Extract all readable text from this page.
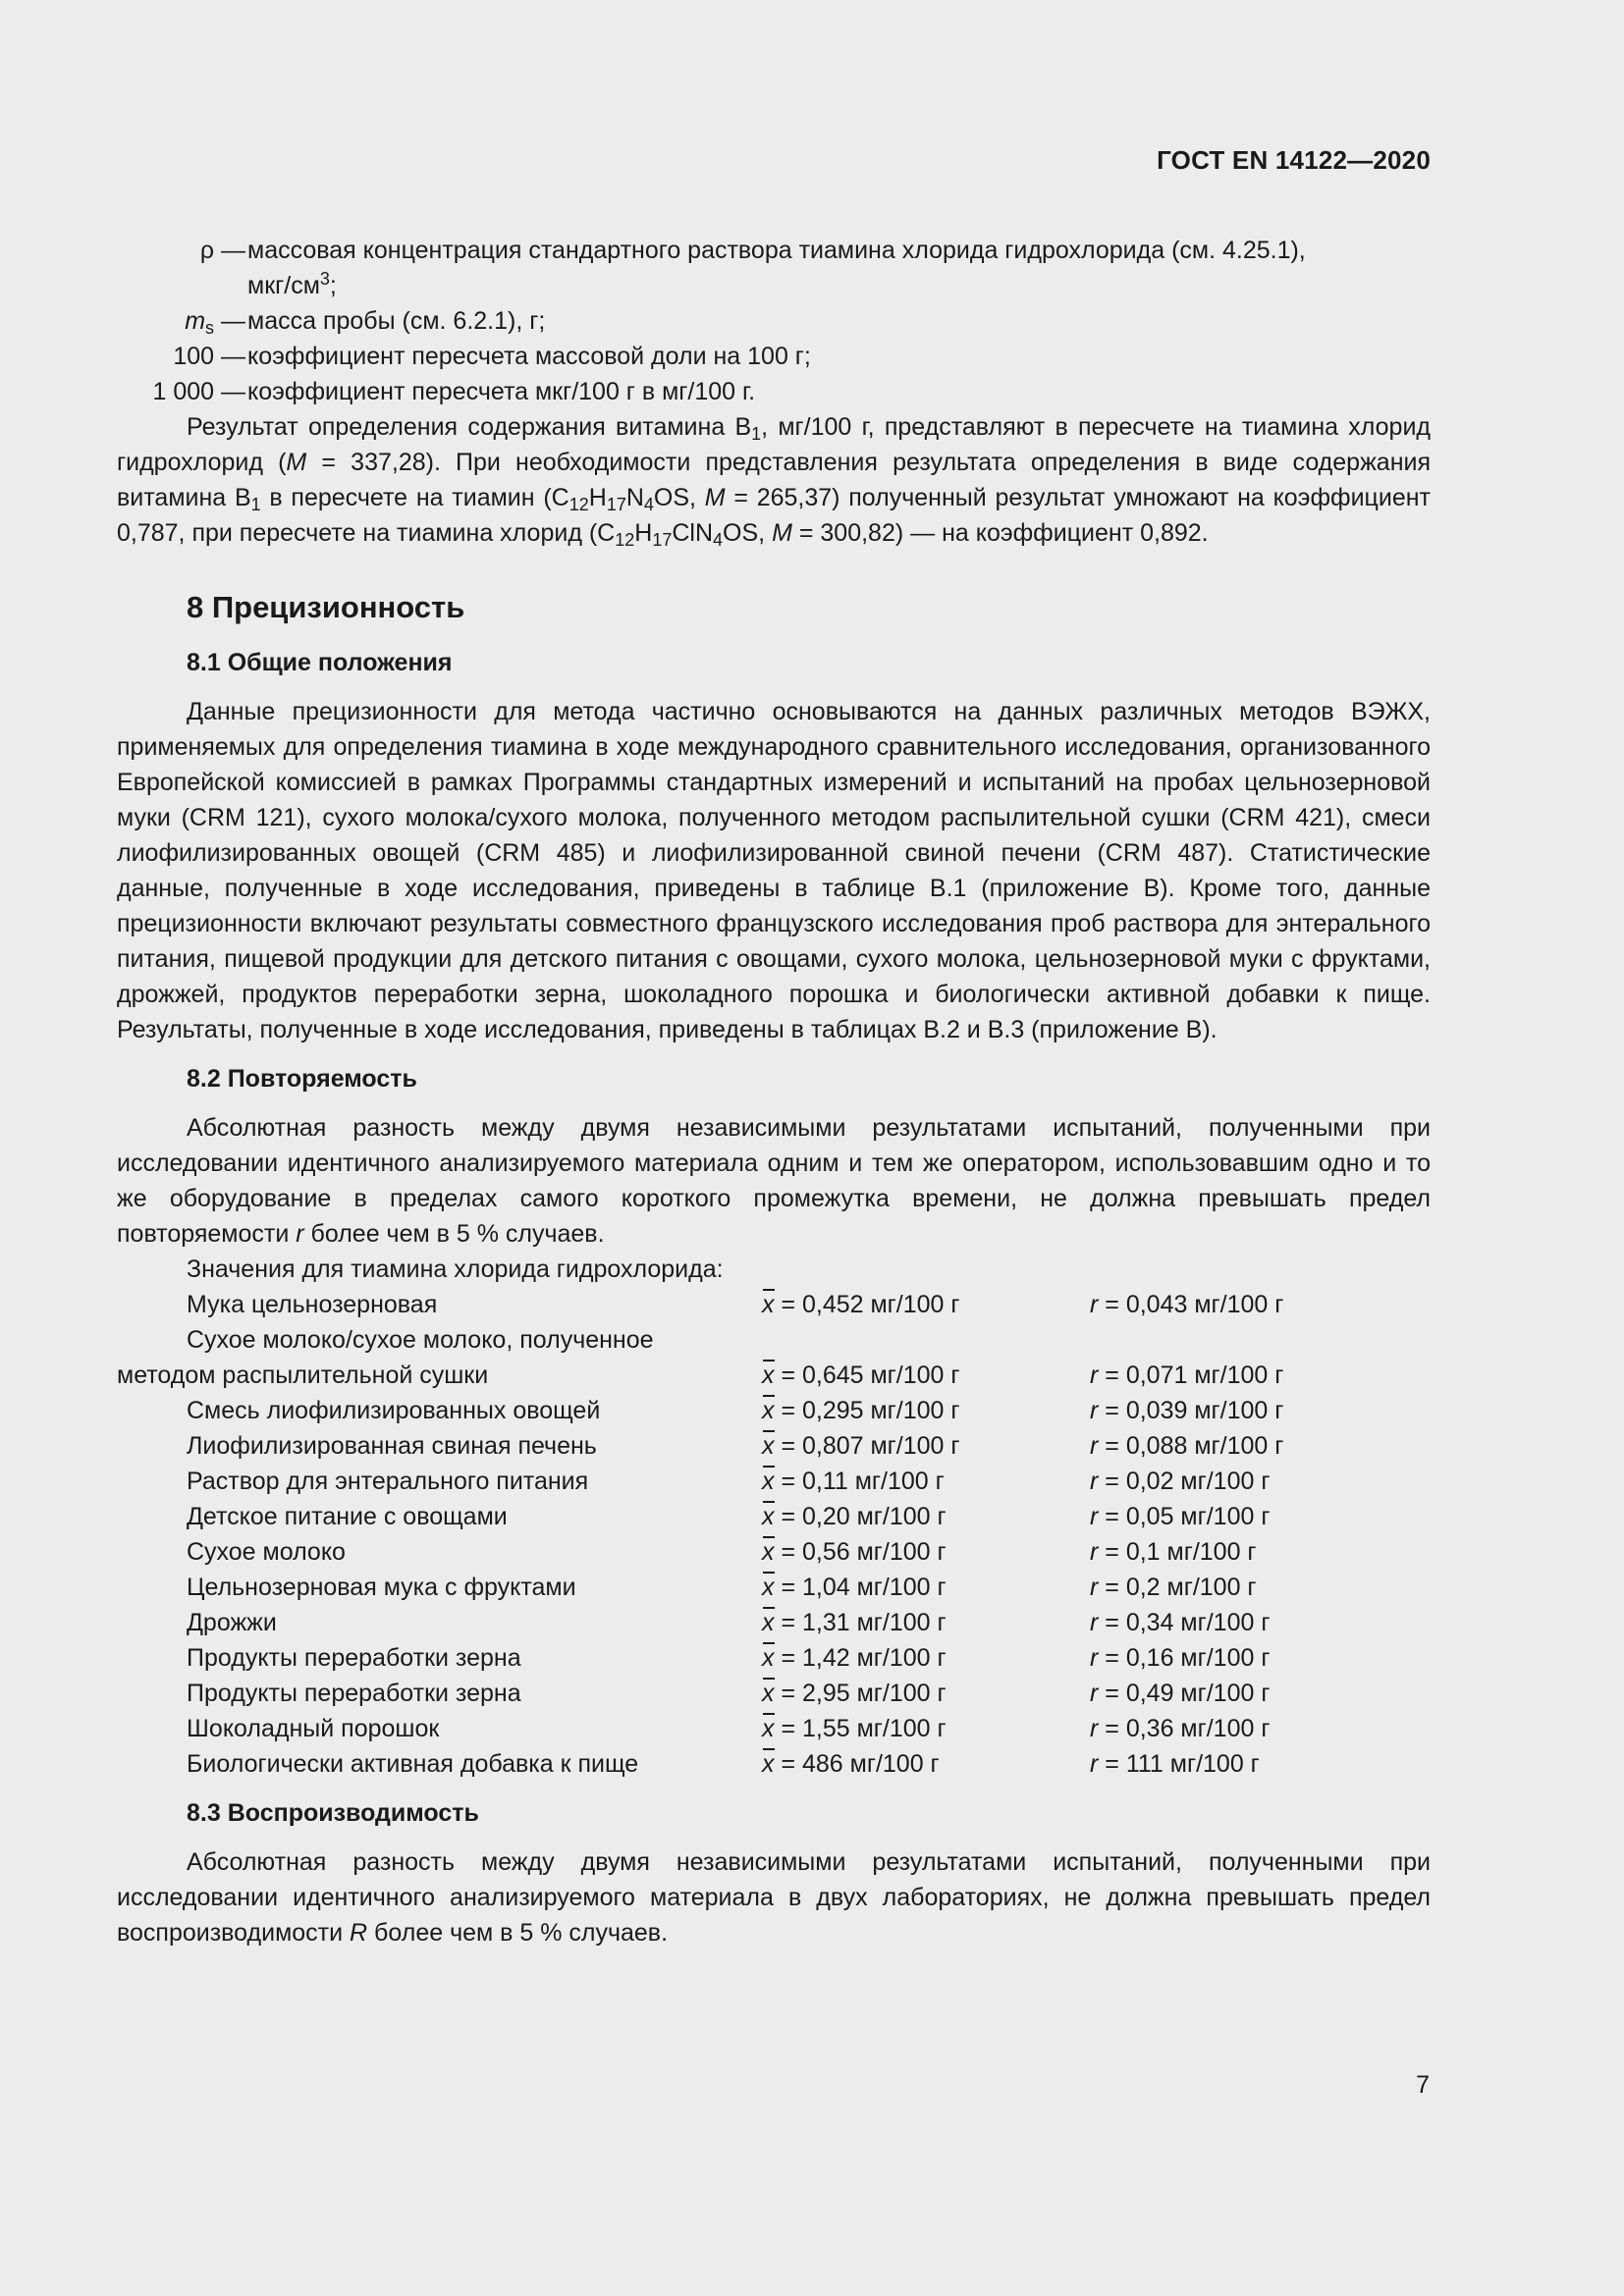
ГОСТ EN 14122—2020
ρ — массовая концентрация стандартного раствора тиамина хлорида гидрохлорида (см. 4.25.1),
мкг/$см^3$;
$m_s$ — масса пробы (см. 6.2.1), г;
100 — коэффициент пересчета массовой доли на 100 г;
1 000 — коэффициент пересчета мкг/100 г в мг/100 г.

Результат определения содержания витамина $В_1$, мг/100 г, представляют в пересчете на тиамина хлорид гидрохлорид (M = 337,28). При необходимости представления результата определения в виде содержания витамина $В_1$ в пересчете на тиамин ($C_{12}H_{17}N_4OS$, M = 265,37) полученный результат умножают на коэффициент 0,787, при пересчете на тиамина хлорид ($C_{12}H_{17}ClN_4OS$, M = 300,82) — на коэффициент 0,892.

8 Прецизионность
8.1 Общие положения

Данные прецизионности для метода частично основываются на данных различных методов ВЭЖХ, применяемых для определения тиамина в ходе международного сравнительного исследования, организованного Европейской комиссией в рамках Программы стандартных измерений и испытаний на пробах цельнозерновой муки (CRM 121), сухого молока/сухого молока, полученного методом распылительной сушки (CRM 421), смеси лиофилизированных овощей (CRM 485) и лиофилизированной свиной печени (CRM 487). Статистические данные, полученные в ходе исследования, приведены в таблице В.1 (приложение В). Кроме того, данные прецизионности включают результаты совместного французского исследования проб раствора для энтерального питания, пищевой продукции для детского питания с овощами, сухого молока, цельнозерновой муки с фруктами, дрожжей, продуктов переработки зерна, шоколадного порошка и биологически активной добавки к пище. Результаты, полученные в ходе исследования, приведены в таблицах В.2 и В.3 (приложение В).

8.2 Повторяемость

Абсолютная разность между двумя независимыми результатами испытаний, полученными при исследовании идентичного анализируемого материала одним и тем же оператором, использовавшим одно и то же оборудование в пределах самого короткого промежутка времени, не должна превышать предел повторяемости r более чем в 5 % случаев.

Значения для тиамина хлорида гидрохлорида:

Мука цельнозерновая	x = 0,452 мг/100 г	r = 0,043 мг/100 г
Сухое молоко/сухое молоко, полученное
методом распылительной сушки	x = 0,645 мг/100 г	r = 0,071 мг/100 г
Смесь лиофилизированных овощей	x = 0,295 мг/100 г	r = 0,039 мг/100 г
Лиофилизированная свиная печень	x = 0,807 мг/100 г	r = 0,088 мг/100 г
Раствор для энтерального питания	x = 0,11 мг/100 г	r = 0,02 мг/100 г
Детское питание с овощами	x = 0,20 мг/100 г	r = 0,05 мг/100 г
Сухое молоко	x = 0,56 мг/100 г	r = 0,1 мг/100 г
Цельнозерновая мука с фруктами	x = 1,04 мг/100 г	r = 0,2 мг/100 г
Дрожжи	x = 1,31 мг/100 г	r = 0,34 мг/100 г
Продукты переработки зерна	x = 1,42 мг/100 г	r = 0,16 мг/100 г
Продукты переработки зерна	x = 2,95 мг/100 г	r = 0,49 мг/100 г
Шоколадный порошок	x = 1,55 мг/100 г	r = 0,36 мг/100 г
Биологически активная добавка к пище	x = 486 мг/100 г	r = 111 мг/100 г
8.3 Воспроизводимость

Абсолютная разность между двумя независимыми результатами испытаний, полученными при исследовании идентичного анализируемого материала в двух лабораториях, не должна превышать предел воспроизводимости R более чем в 5 % случаев.

7
